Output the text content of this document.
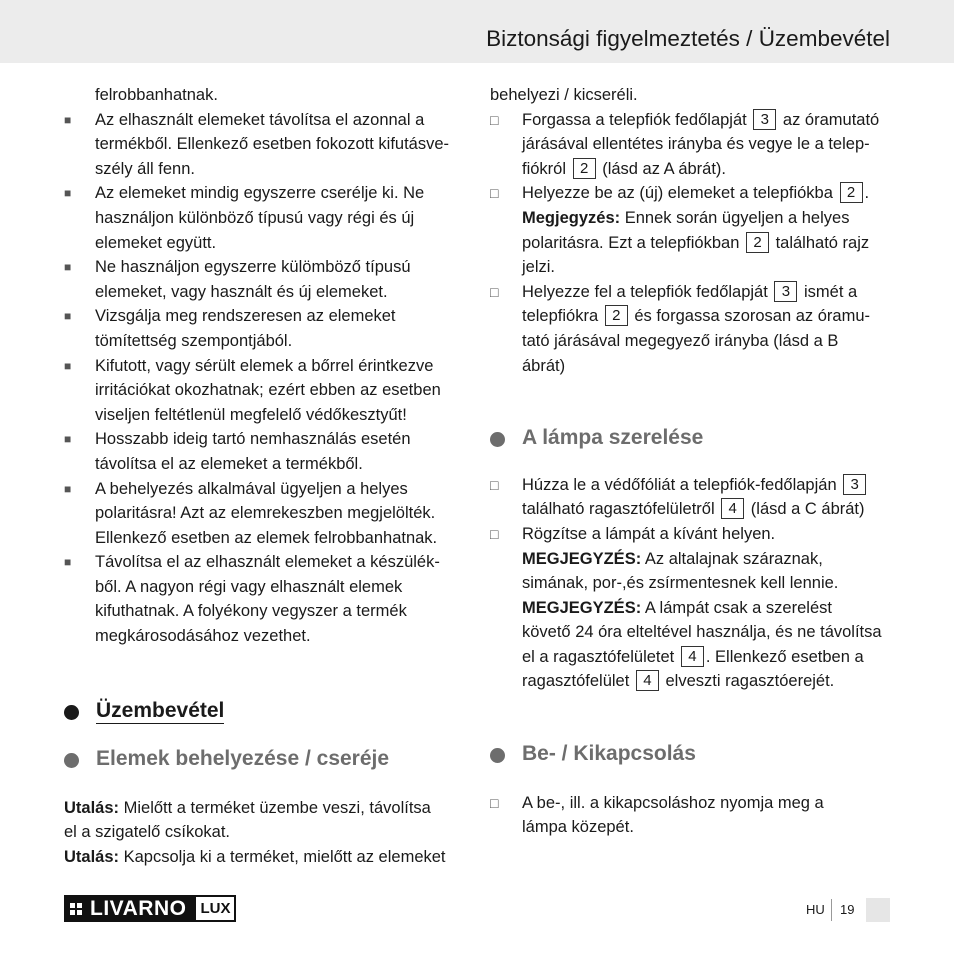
Biztonsági figyelmeztetés / Üzembevétel

felrobbanhatnak.

■	Az elhasznált elemeket távolítsa el azonnal a
termékből. Ellenkező esetben fokozott kifutásve-
szély áll fenn.
■	Az elemeket mindig egyszerre cserélje ki. Ne
használjon különböző típusú vagy régi és új
elemeket együtt.
■	Ne használjon egyszerre külömböző típusú
elemeket, vagy használt és új elemeket.
■	Vizsgálja meg rendszeresen az elemeket
tömítettség szempontjából.
■	Kifutott, vagy sérült elemek a bőrrel érintkezve
irritációkat okozhatnak; ezért ebben az esetben
viseljen feltétlenül megfelelő védőkesztyűt!
■	Hosszabb ideig tartó nemhasználás esetén
távolítsa el az elemeket a termékből.
■	A behelyezés alkalmával ügyeljen a helyes
polaritásra! Azt az elemrekeszben megjelölték.
Ellenkező esetben az elemek felrobbanhatnak.
■	Távolítsa el az elhasznált elemeket a készülék-
ből. A nagyon régi vagy elhasznált elemek
kifuthatnak. A folyékony vegyszer a termék
megkárosodásához vezethet.
Üzembevétel
Elemek behelyezése / cseréje

Utalás: Mielőtt a terméket üzembe veszi, távolítsa

el a szigatelő csíkokat.

Utalás: Kapcsolja ki a terméket, mielőtt az elemeket

behelyezi / kicseréli.

□	Forgassa a telepfiók fedőlapját 3 az óramutató
járásával ellentétes irányba és vegye le a telep-
fiókról 2 (lásd az A ábrát).
□	Helyezze be az (új) elemeket a telepfiókba 2 .
Megjegyzés: Ennek során ügyeljen a helyes
polaritásra. Ezt a telepfiókban 2 található rajz
jelzi.
□	Helyezze fel a telepfiók fedőlapját 3 ismét a
telepfiókra 2 és forgassa szorosan az óramu-
tató járásával megegyező irányba (lásd a B
ábrát)
A lámpa szerelése
□	Húzza le a védőfóliát a telepfiók-fedőlapján 3
található ragasztófelületről 4 (lásd a C ábrát)
□	Rögzítse a lámpát a kívánt helyen.
MEGJEGYZÉS: Az altalajnak száraznak,
simának, por-,és zsírmentesnek kell lennie.
MEGJEGYZÉS: A lámpát csak a szerelést
követő 24 óra elteltével használja, és ne távolítsa
el a ragasztófelületet 4 . Ellenkező esetben a
ragasztófelület 4 elveszti ragasztóerejét.
Be- / Kikapcsolás
□	A be-, ill. a kikapcsoláshoz nyomja meg a
lámpa közepét.
LIVARNO LUX	HU 19
